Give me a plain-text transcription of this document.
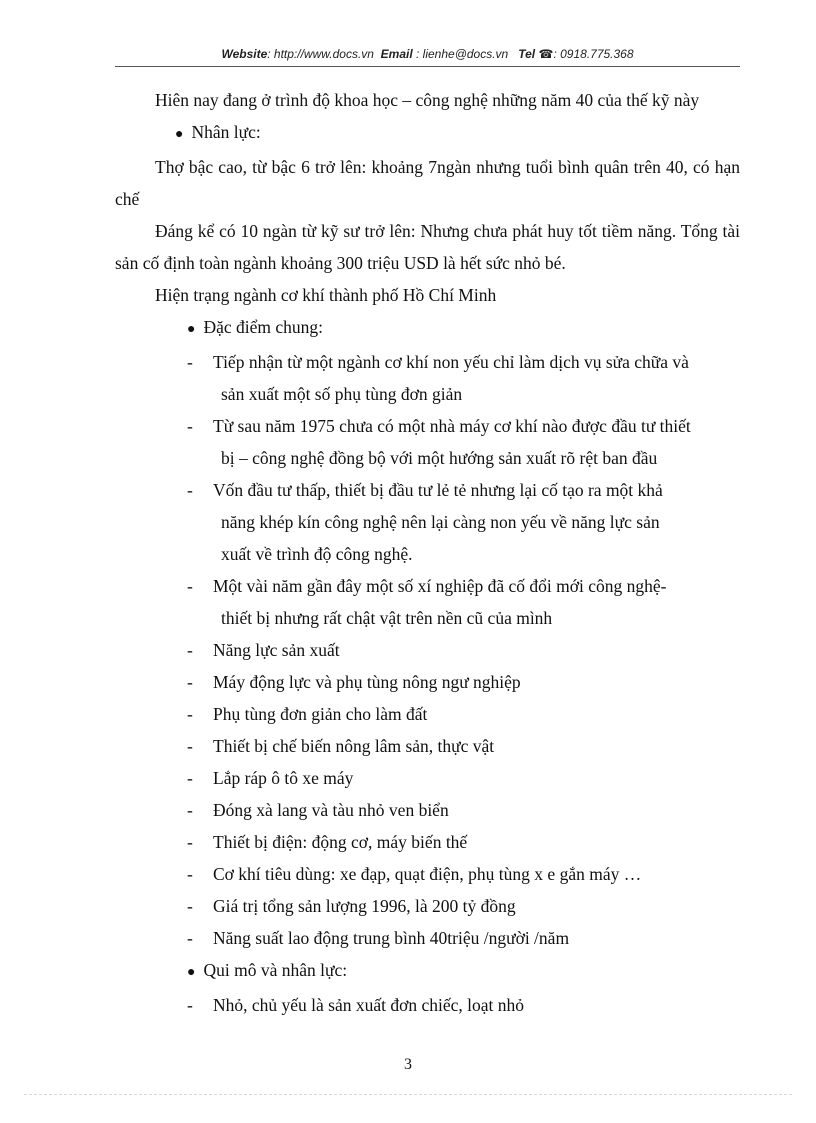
Website: http://www.docs.vn Email : lienhe@docs.vn Tel ☎: 0918.775.368

Hiên nay đang ở trình độ khoa học – công nghệ những năm 40 của thế kỹ này

● Nhân lực:

Thợ bậc cao, từ bậc 6 trở lên: khoảng 7ngàn nhưng tuổi bình quân trên 40, có hạn chế

Đáng kể có 10 ngàn từ kỹ sư trở lên: Nhưng chưa phát huy tốt tiềm năng. Tổng tài sản cố định toàn ngành khoảng 300 triệu USD là hết sức nhỏ bé.

Hiện trạng ngành cơ khí thành phố Hồ Chí Minh

● Đặc điểm chung:

- Tiếp nhận từ một ngành cơ khí non yếu chỉ làm dịch vụ sửa chữa và
sản xuất một số phụ tùng đơn giản

- Từ sau năm 1975 chưa có một nhà máy cơ khí nào được đầu tư thiết
bị – công nghệ đồng bộ với một hướng sản xuất rõ rệt ban đầu

- Vốn đầu tư thấp, thiết bị đầu tư lẻ tẻ nhưng lại cố tạo ra một khả
năng khép kín công nghệ nên lại càng non yếu về năng lực sản
xuất về trình độ công nghệ.

- Một vài năm gần đây một số xí nghiệp đã cố đổi mới công nghệ-
thiết bị nhưng rất chật vật trên nền cũ của mình

- Năng lực sản xuất

- Máy động lực và phụ tùng nông ngư nghiệp

- Phụ tùng đơn giản cho làm đất

- Thiết bị chế biến nông lâm sản, thực vật

- Lắp ráp ô tô xe máy

- Đóng xà lang và tàu nhỏ ven biển

- Thiết bị điện: động cơ, máy biến thế

- Cơ khí tiêu dùng: xe đạp, quạt điện, phụ tùng x e gắn máy …

- Giá trị tổng sản lượng 1996, là 200 tỷ đồng

- Năng suất lao động trung bình 40triệu /người /năm

● Qui mô và nhân lực:

- Nhỏ, chủ yếu là sản xuất đơn chiếc, loạt nhỏ

3
